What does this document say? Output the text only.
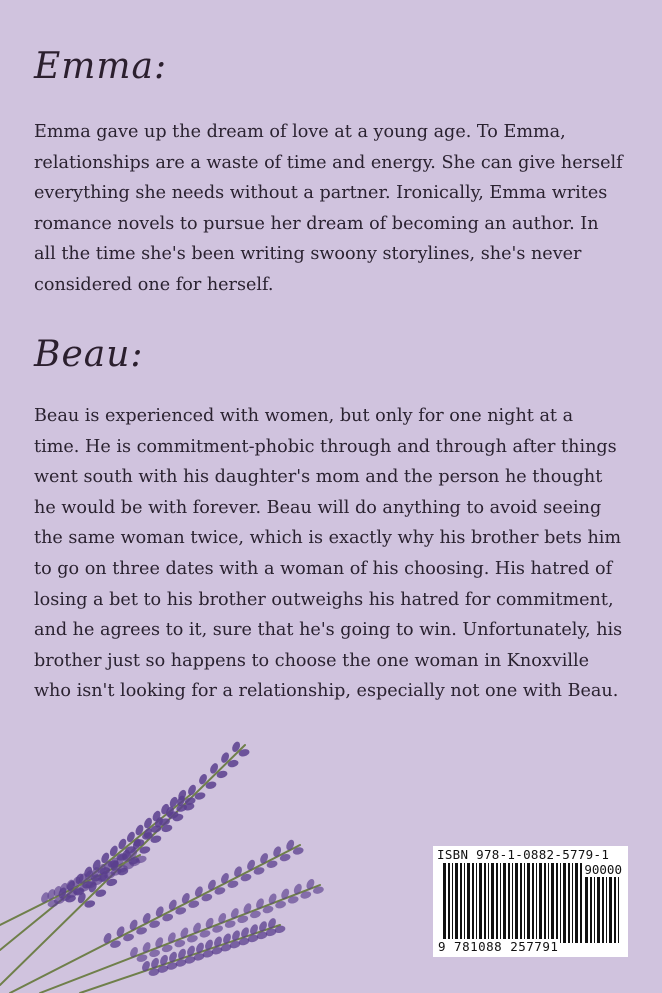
Emma:

Emma gave up the dream of love at a young age. To Emma, relationships are a waste of time and energy. She can give herself everything she needs without a partner. Ironically, Emma writes romance novels to pursue her dream of becoming an author. In all the time she's been writing swoony storylines, she's never considered one for herself.

Beau:

Beau is experienced with women, but only for one night at a time. He is commitment-phobic through and through after things went south with his daughter's mom and the person he thought he would be with forever. Beau will do anything to avoid seeing the same woman twice, which is exactly why his brother bets him to go on three dates with a woman of his choosing. His hatred of losing a bet to his brother outweighs his hatred for commitment, and he agrees to it, sure that he's going to win. Unfortunately, his brother just so happens to choose the one woman in Knoxville who isn't looking for a relationship, especially not one with Beau.

ISBN 978-1-0882-5779-1
90000
9 781088 257791
